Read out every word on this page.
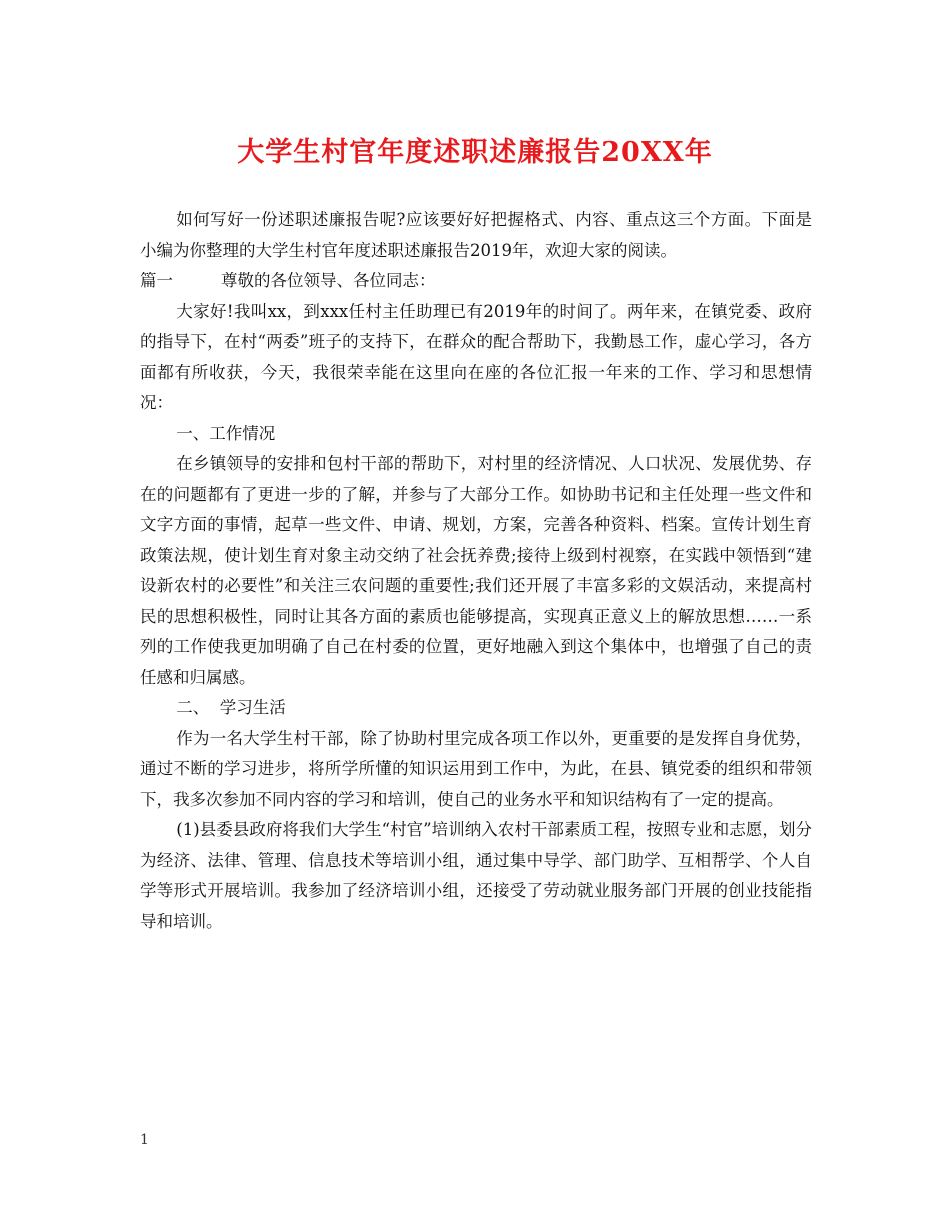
大学生村官年度述职述廉报告20XX年

如何写好一份述职述廉报告呢?应该要好好把握格式、内容、重点这三个方面。下面是小编为你整理的大学生村官年度述职述廉报告2019年，欢迎大家的阅读。

篇一	尊敬的各位领导、各位同志：

大家好!我叫xx，到xxx任村主任助理已有2019年的时间了。两年来，在镇党委、政府的指导下，在村“两委”班子的支持下，在群众的配合帮助下，我勤恳工作，虚心学习，各方面都有所收获，今天，我很荣幸能在这里向在座的各位汇报一年来的工作、学习和思想情况：

一、工作情况

在乡镇领导的安排和包村干部的帮助下，对村里的经济情况、人口状况、发展优势、存在的问题都有了更进一步的了解，并参与了大部分工作。如协助书记和主任处理一些文件和文字方面的事情，起草一些文件、申请、规划，方案，完善各种资料、档案。宣传计划生育政策法规，使计划生育对象主动交纳了社会抚养费;接待上级到村视察，在实践中领悟到“建设新农村的必要性”和关注三农问题的重要性;我们还开展了丰富多彩的文娱活动，来提高村民的思想积极性，同时让其各方面的素质也能够提高，实现真正意义上的解放思想……一系列的工作使我更加明确了自己在村委的位置，更好地融入到这个集体中，也增强了自己的责任感和归属感。

二、  学习生活

作为一名大学生村干部，除了协助村里完成各项工作以外，更重要的是发挥自身优势，通过不断的学习进步，将所学所懂的知识运用到工作中，为此，在县、镇党委的组织和带领下，我多次参加不同内容的学习和培训，使自己的业务水平和知识结构有了一定的提高。

(1)县委县政府将我们大学生“村官”培训纳入农村干部素质工程，按照专业和志愿，划分为经济、法律、管理、信息技术等培训小组，通过集中导学、部门助学、互相帮学、个人自学等形式开展培训。我参加了经济培训小组，还接受了劳动就业服务部门开展的创业技能指导和培训。

1
